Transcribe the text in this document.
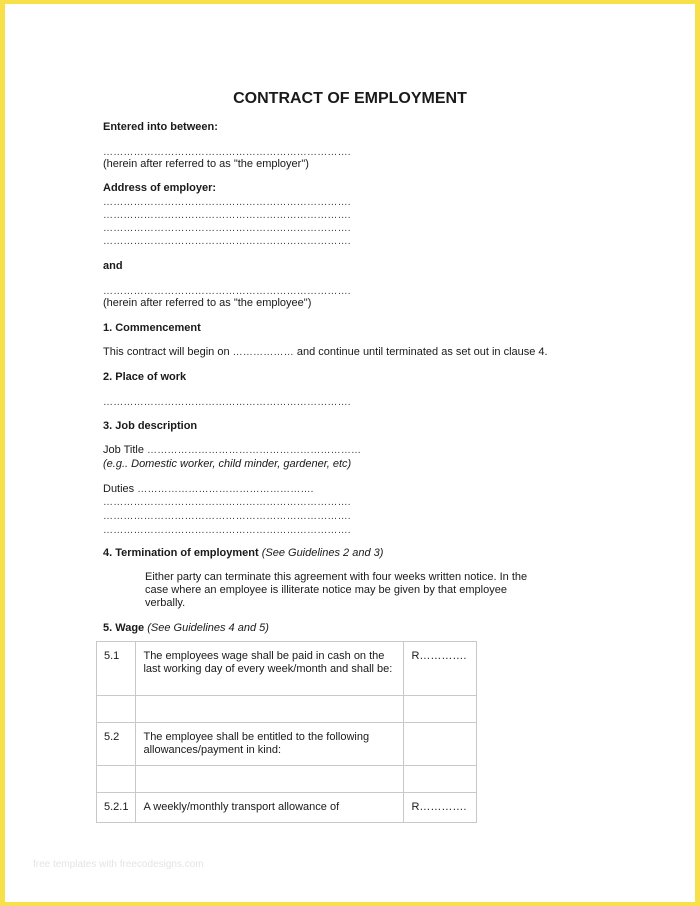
CONTRACT OF EMPLOYMENT
Entered into between:
……………………………………………………………….
(herein after referred to as "the employer")
Address of employer:
……………………………………………………………….
……………………………………………………………….
……………………………………………………………….
……………………………………………………………….
and
……………………………………………………………….
(herein after referred to as "the employee")
1. Commencement
This contract will begin on ……………… and continue until terminated as set out in clause 4.
2. Place of work
……………………………………………………………….
3. Job description
Job Title ………………………………………………………
(e.g.. Domestic worker, child minder, gardener, etc)
Duties …………………………………………….
……………………………………………………………….
……………………………………………………………….
……………………………………………………………….
4. Termination of employment (See Guidelines 2 and 3)
Either party can terminate this agreement with four weeks written notice. In the case where an employee is illiterate notice may be given by that employee verbally.
5. Wage (See Guidelines 4 and 5)
5.1	The employees wage shall be paid in cash on the last working day of every week/month and shall be:	R………….

5.2	The employee shall be entitled to the following allowances/payment in kind:	

5.2.1	A weekly/monthly transport allowance of	R………….
free templates with freecodesigns.com
